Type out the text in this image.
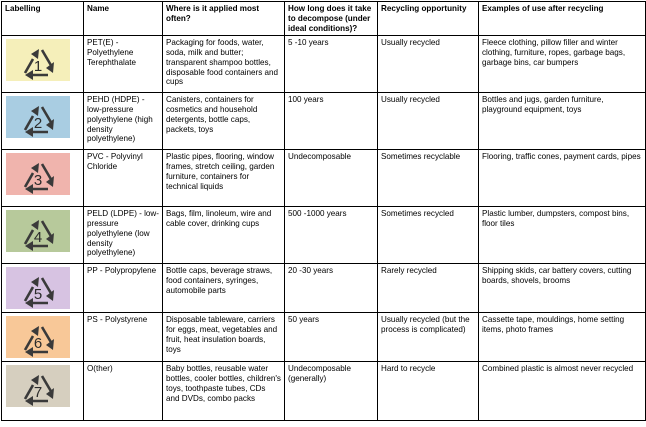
Labelling	Name	Where is it applied most often?	How long does it take to decompose (under ideal conditions)?	Recycling opportunity	Examples of use after recycling

1	PET(E) - Polyethylene Terephthalate	Packaging for foods, water, soda, milk and butter; transparent shampoo bottles, disposable food containers and cups	5 -10 years	Usually recycled	Fleece clothing, pillow filler and winter clothing, furniture, ropes, garbage bags, garbage bins, car bumpers

2	PEHD (HDPE) - low-pressure polyethylene (high density polyethylene)	Canisters, containers for cosmetics and household detergents, bottle caps, packets, toys	100 years	Usually recycled	Bottles and jugs, garden furniture, playground equipment, toys

3	PVC - Polyvinyl Chloride	Plastic pipes, flooring, window frames, stretch ceiling, garden furniture, containers for technical liquids	Undecomposable	Sometimes recyclable	Flooring, traffic cones, payment cards, pipes

4	PELD (LDPE) - low-pressure polyethylene (low density polyethylene)	Bags, film, linoleum, wire and cable cover, drinking cups	500 -1000 years	Sometimes recycled	Plastic lumber, dumpsters, compost bins, floor tiles

5	PP - Polypropylene	Bottle caps, beverage straws, food containers, syringes, automobile parts	20 -30 years	Rarely recycled	Shipping skids, car battery covers, cutting boards, shovels, brooms

6	PS - Polystyrene	Disposable tableware, carriers for eggs, meat, vegetables and fruit, heat insulation boards, toys	50 years	Usually recycled (but the process is complicated)	Cassette tape, mouldings, home setting items, photo frames

7	O(ther)	Baby bottles, reusable water bottles, cooler bottles, children's toys, toothpaste tubes, CDs and DVDs, combo packs	Undecomposable (generally)	Hard to recycle	Combined plastic is almost never recycled
